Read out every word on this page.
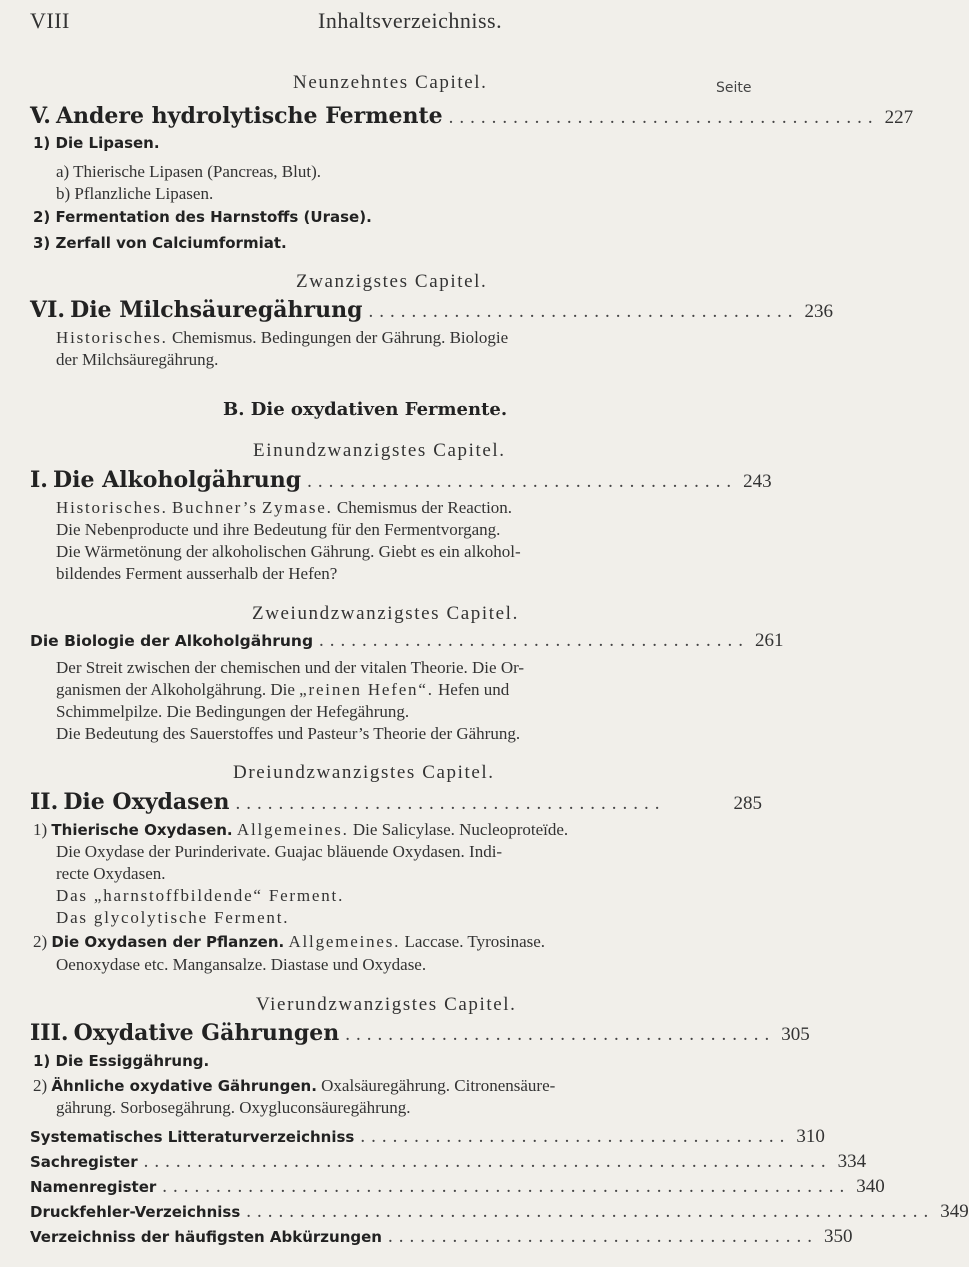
VIII	Inhaltsverzeichniss.
Neunzehntes Capitel.	Seite
V.
Andere hydrolytische Fermente ........................................ 227
1) Die Lipasen.
a) Thierische Lipasen (Pancreas, Blut).
b) Pflanzliche Lipasen.
2) Fermentation des Harnstoffs (Urase).
3) Zerfall von Calciumformiat.
Zwanzigstes Capitel.
VI.
Die Milchsäuregährung ........................................ 236
Historisches. Chemismus. Bedingungen der Gährung. Biologie
der Milchsäuregährung.
B. Die oxydativen Fermente.
Einundzwanzigstes Capitel.
I.
Die Alkoholgährung ........................................ 243
Historisches. Buchner’s Zymase. Chemismus der Reaction.
Die Nebenproducte und ihre Bedeutung für den Fermentvorgang.
Die Wärmetönung der alkoholischen Gährung. Giebt es ein alkohol-
bildendes Ferment ausserhalb der Hefen?
Zweiundzwanzigstes Capitel.
Die Biologie der Alkoholgährung ........................................ 261
Der Streit zwischen der chemischen und der vitalen Theorie. Die Or-
ganismen der Alkoholgährung. Die „reinen Hefen“. Hefen und
Schimmelpilze. Die Bedingungen der Hefegährung.
Die Bedeutung des Sauerstoffes und Pasteur’s Theorie der Gährung.
Dreiundzwanzigstes Capitel.
II.
Die Oxydasen ........................................	285
1) Thierische Oxydasen. Allgemeines. Die Salicylase. Nucleoproteïde.
Die Oxydase der Purinderivate. Guajac bläuende Oxydasen. Indi-
recte Oxydasen.
Das „harnstoffbildende“ Ferment.
Das glycolytische Ferment.
2) Die Oxydasen der Pflanzen. Allgemeines. Laccase. Tyrosinase.
Oenoxydase etc. Mangansalze. Diastase und Oxydase.
Vierundzwanzigstes Capitel.
III.
Oxydative Gährungen ........................................ 305
1) Die Essiggährung.
2) Ähnliche oxydative Gährungen. Oxalsäuregährung. Citronensäure-
gährung. Sorbosegährung. Oxygluconsäuregährung.
Systematisches Litteraturverzeichniss ........................................ 310
Sachregister ................................................................ 334
Namenregister ................................................................ 340
Druckfehler-Verzeichniss ................................................................ 349
Verzeichniss der häufigsten Abkürzungen ........................................ 350
